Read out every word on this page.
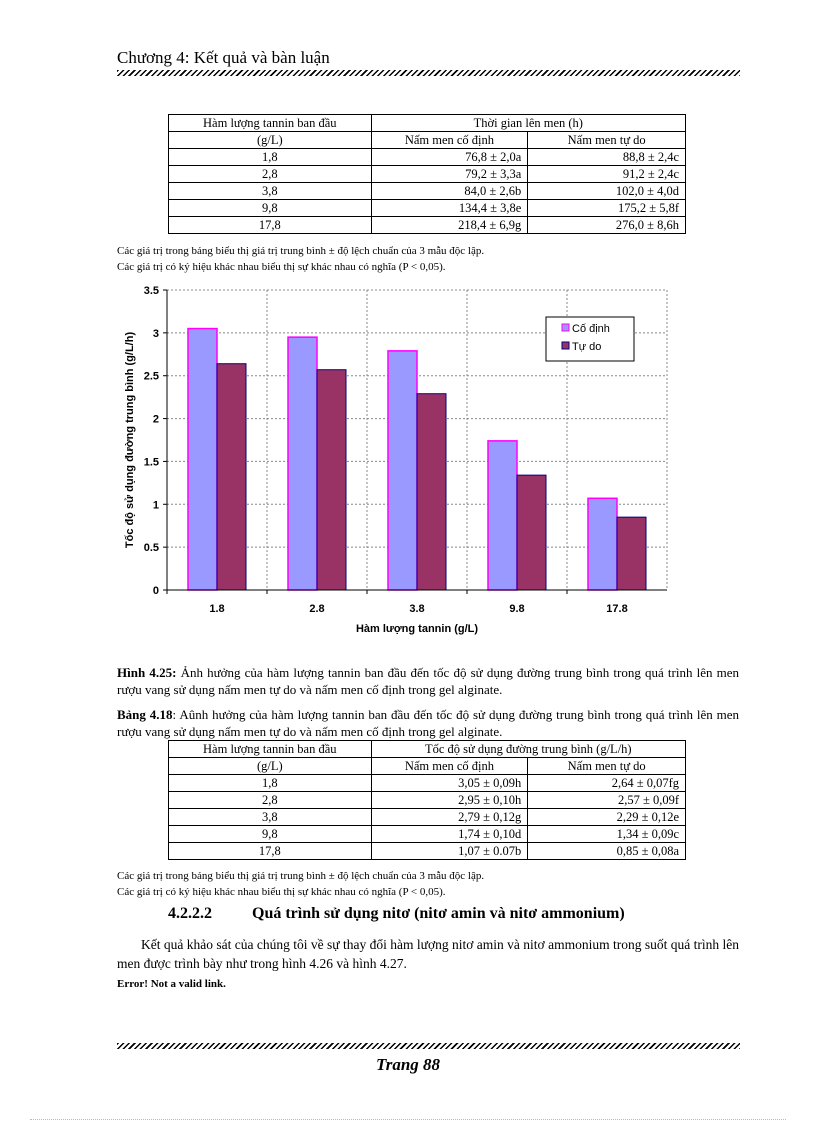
Chương 4: Kết quả và bàn luận
Hàm lượng tannin ban đầu	Thời gian lên men (h)	
(g/L)	Nấm men cố định	Nấm men tự do
1,8	76,8 ± 2,0a	88,8 ± 2,4c
2,8	79,2 ± 3,3a	91,2 ± 2,4c
3,8	84,0 ± 2,6b	102,0 ± 4,0d
9,8	134,4 ± 3,8e	175,2 ± 5,8f
17,8	218,4 ± 6,9g	276,0 ± 8,6h
Các giá trị trong bảng biểu thị giá trị trung bình ± độ lệch chuẩn của 3 mẫu độc lập.
Các giá trị có ký hiệu khác nhau biểu thị sự khác nhau có nghĩa (P < 0,05).
0
0.5
1
1.5
2
2.5
3
3.5
1.8	2.8	3.8	9.8	17.8
Hàm lượng tannin (g/L)
Tốc độ sử dụng đường trung bình (g/L/h)
Cố định
Tự do
Hình 4.25: Ảnh hưởng của hàm lượng tannin ban đầu đến tốc độ sử dụng đường trung bình trong quá trình lên men rượu vang sử dụng nấm men tự do và nấm men cố định trong gel alginate.
Bảng 4.18: Aûnh hưởng của hàm lượng tannin ban đầu đến tốc độ sử dụng đường trung bình trong quá trình lên men rượu vang sử dụng nấm men tự do và nấm men cố định trong gel alginate.
Hàm lượng tannin ban đầu	Tốc độ sử dụng đường trung bình (g/L/h)	
(g/L)	Nấm men cố định	Nấm men tự do
1,8	3,05 ± 0,09h	2,64 ± 0,07fg
2,8	2,95 ± 0,10h	2,57 ± 0,09f
3,8	2,79 ± 0,12g	2,29 ± 0,12e
9,8	1,74 ± 0,10d	1,34 ± 0,09c
17,8	1,07 ± 0.07b	0,85 ± 0,08a
Các giá trị trong bảng biểu thị giá trị trung bình ± độ lệch chuẩn của 3 mẫu độc lập.
Các giá trị có ký hiệu khác nhau biểu thị sự khác nhau có nghĩa (P < 0,05).
4.2.2.2	Quá trình sử dụng nitơ (nitơ amin và nitơ ammonium)
Kết quả khảo sát của chúng tôi về sự thay đổi hàm lượng nitơ amin và nitơ ammonium trong suốt quá trình lên men được trình bày như trong hình 4.26 và hình 4.27.
Error! Not a valid link.
Trang 88
